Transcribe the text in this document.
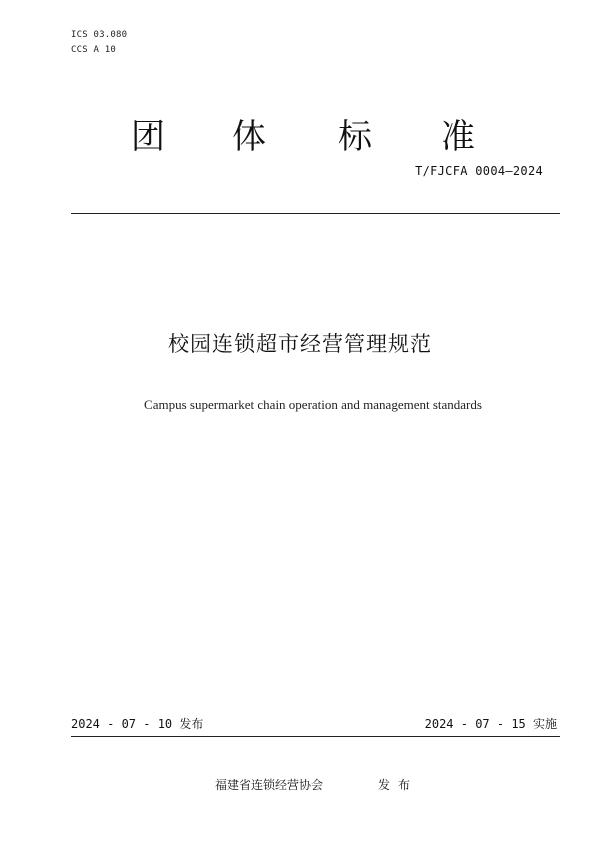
ICS 03.080
CCS A 10
团 体 标 准
T/FJCFA 0004—2024
校园连锁超市经营管理规范
Campus supermarket chain operation and management standards
2024 - 07 - 10 发布	2024 - 07 - 15 实施
福建省连锁经营协会	发布
